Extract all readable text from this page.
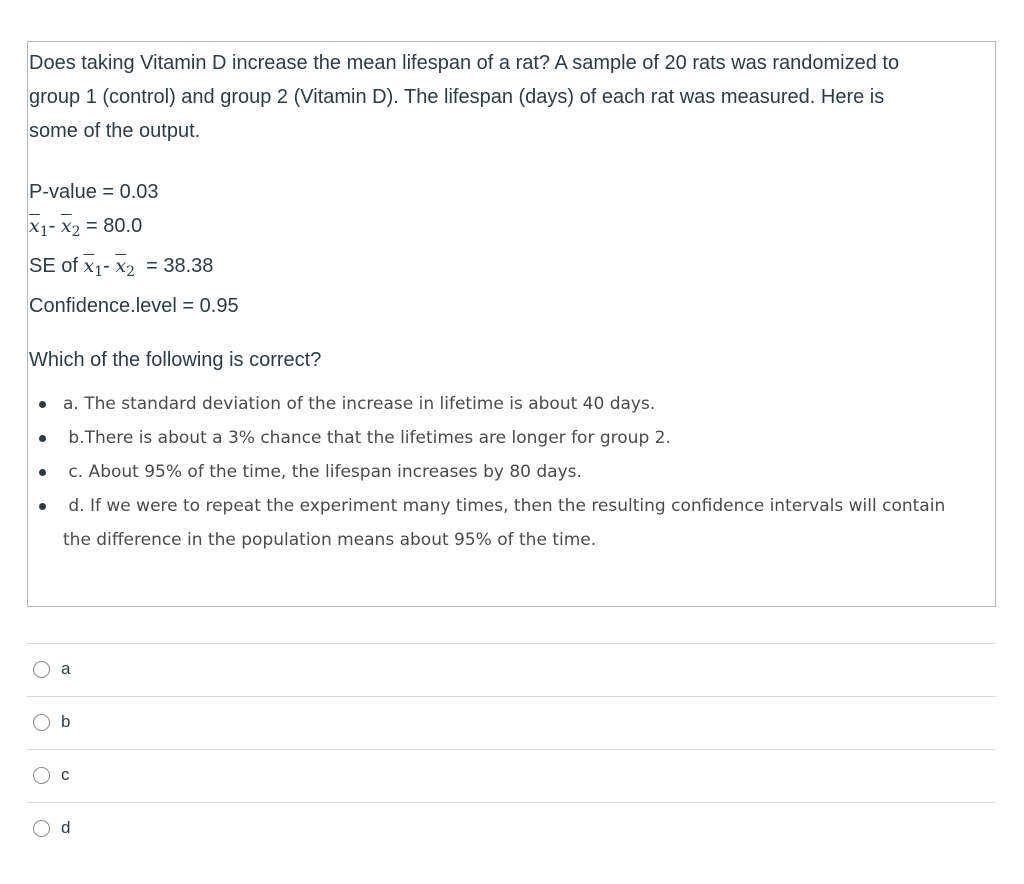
Does taking Vitamin D increase the mean lifespan of a rat? A sample of 20 rats was randomized to

group 1 (control) and group 2 (Vitamin D). The lifespan (days) of each rat was measured. Here is

some of the output.

P-value = 0.03
$\overline{x}_1-$ $\overline{x}_2 = 80.0$
SE of $\overline{x}_1-$ $\overline{x}_2 = 38.38$
Confidence.level = 0.95
Which of the following is correct?
a. The standard deviation of the increase in lifetime is about 40 days.
b.There is about a 3% chance that the lifetimes are longer for group 2.
c. About 95% of the time, the lifespan increases by 80 days.
d. If we were to repeat the experiment many times, then the resulting confidence intervals will contain the difference in the population means about 95% of the time.
a
b
c
d
